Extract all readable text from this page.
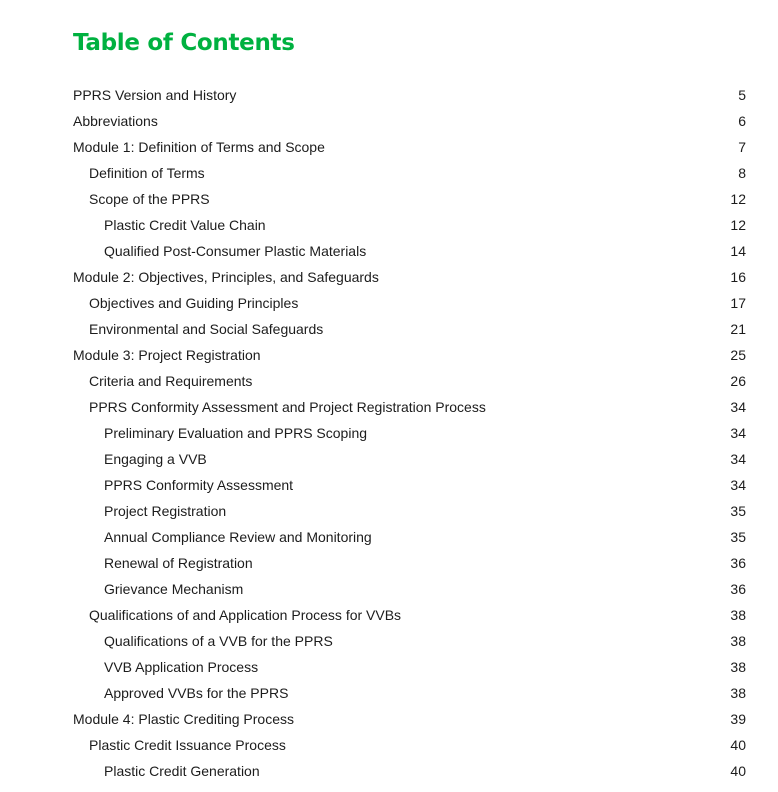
Table of Contents
PPRS Version and History	5
Abbreviations	6
Module 1: Definition of Terms and Scope	7
Definition of Terms	8
Scope of the PPRS	12
Plastic Credit Value Chain	12
Qualified Post-Consumer Plastic Materials	14
Module 2: Objectives, Principles, and Safeguards	16
Objectives and Guiding Principles	17
Environmental and Social Safeguards	21
Module 3: Project Registration	25
Criteria and Requirements	26
PPRS Conformity Assessment and Project Registration Process	34
Preliminary Evaluation and PPRS Scoping	34
Engaging a VVB	34
PPRS Conformity Assessment	34
Project Registration	35
Annual Compliance Review and Monitoring	35
Renewal of Registration	36
Grievance Mechanism	36
Qualifications of and Application Process for VVBs	38
Qualifications of a VVB for the PPRS	38
VVB Application Process	38
Approved VVBs for the PPRS	38
Module 4: Plastic Crediting Process	39
Plastic Credit Issuance Process	40
Plastic Credit Generation	40
